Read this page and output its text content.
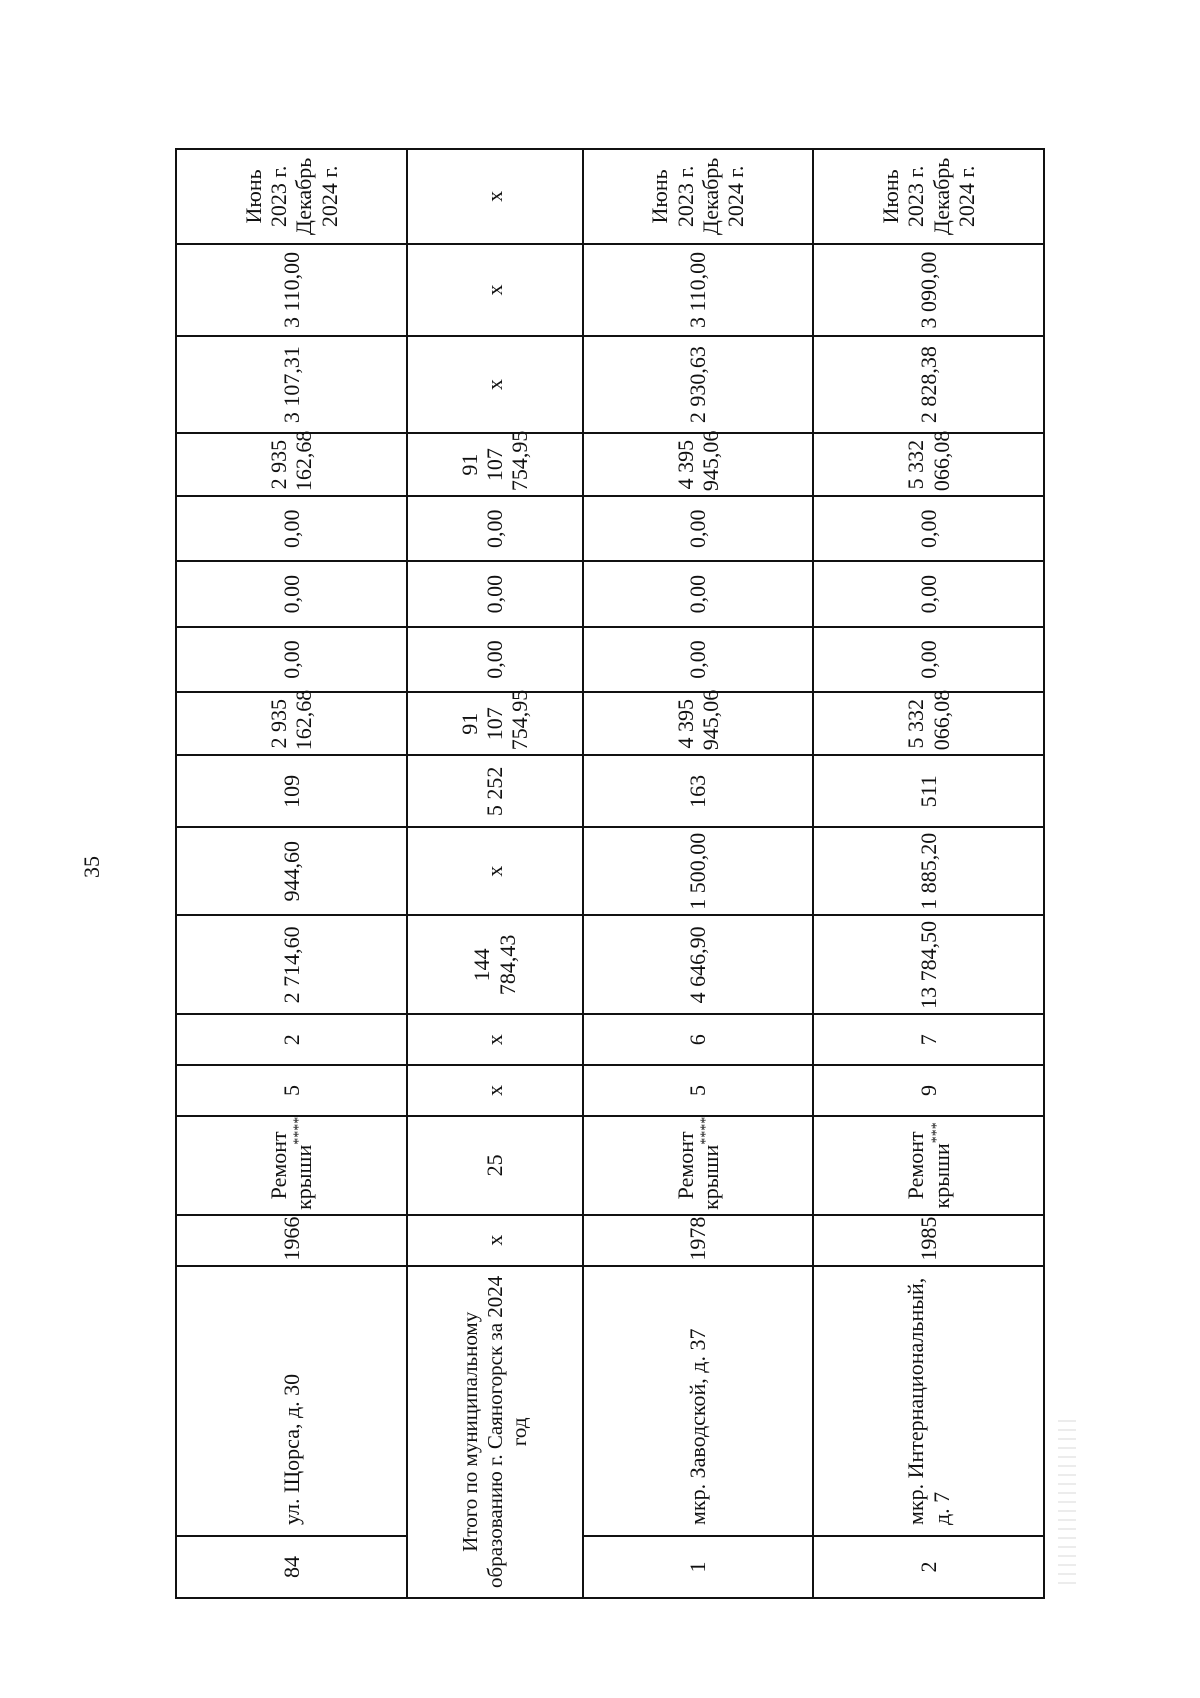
35
84	ул. Щорса, д. 30	1966	Ремонт крыши****	5	2	2 714,60	944,60	109	2 935 162,68	0,00	0,00	0,00	2 935 162,68	3 107,31	3 110,00	Июнь 2023 г.
Декабрь 2024 г.
Итого по муниципальному образованию г. Саяногорск за 2024 год		х	25	х	х	144 784,43	х	5 252	91 107 754,95	0,00	0,00	0,00	91 107 754,95	х	х	х
1	мкр. Заводской, д. 37	1978	Ремонт крыши****	5	6	4 646,90	1 500,00	163	4 395 945,06	0,00	0,00	0,00	4 395 945,06	2 930,63	3 110,00	Июнь 2023 г.
Декабрь 2024 г.
2	мкр. Интернациональный, д. 7	1985	Ремонт крыши***	9	7	13 784,50	1 885,20	511	5 332 066,08	0,00	0,00	0,00	5 332 066,08	2 828,38	3 090,00	Июнь 2023 г.
Декабрь 2024 г.
